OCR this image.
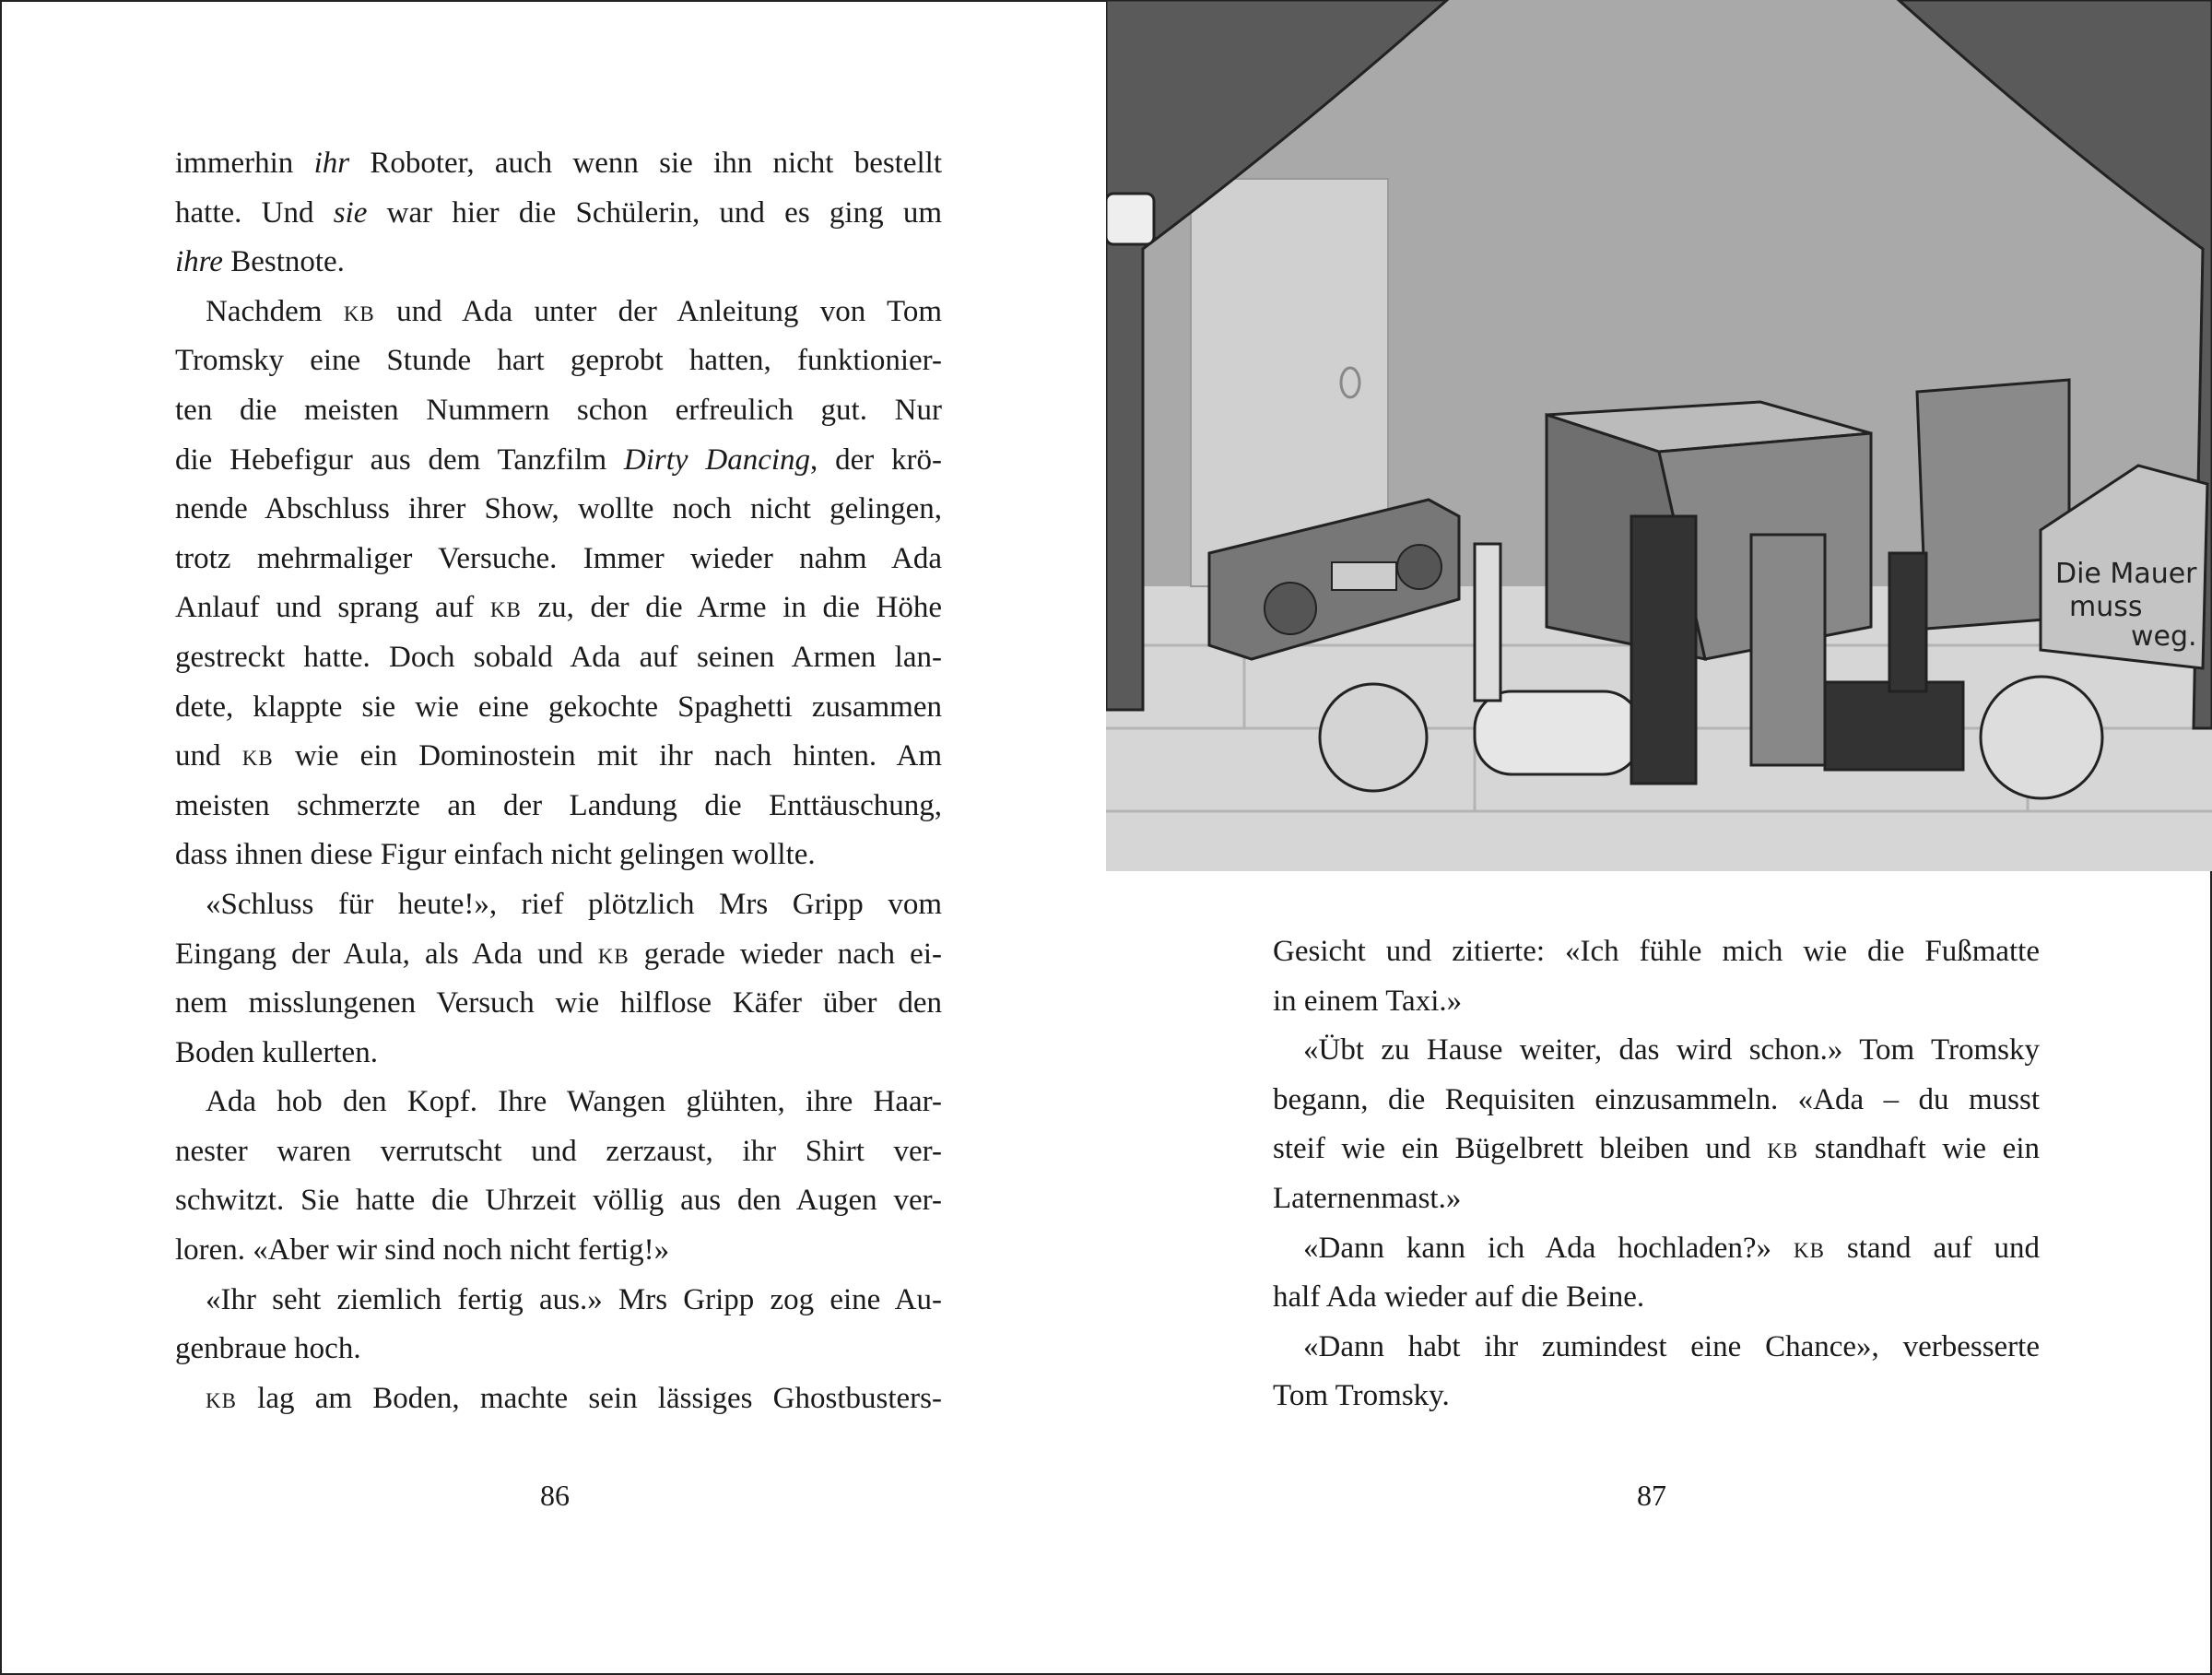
immerhin ihr Roboter, auch wenn sie ihn nicht bestellt
hatte. Und sie war hier die Schülerin, und es ging um
ihre Bestnote.
Nachdem kb und Ada unter der Anleitung von Tom
Tromsky eine Stunde hart geprobt hatten, funktionier-
ten die meisten Nummern schon erfreulich gut. Nur
die Hebefigur aus dem Tanzfilm Dirty Dancing, der krö-
nende Abschluss ihrer Show, wollte noch nicht gelingen,
trotz mehrmaliger Versuche. Immer wieder nahm Ada
Anlauf und sprang auf kb zu, der die Arme in die Höhe
gestreckt hatte. Doch sobald Ada auf seinen Armen lan-
dete, klappte sie wie eine gekochte Spaghetti zusammen
und kb wie ein Dominostein mit ihr nach hinten. Am
meisten schmerzte an der Landung die Enttäuschung,
dass ihnen diese Figur einfach nicht gelingen wollte.
«Schluss für heute!», rief plötzlich Mrs Gripp vom
Eingang der Aula, als Ada und kb gerade wieder nach ei-
nem misslungenen Versuch wie hilflose Käfer über den
Boden kullerten.
Ada hob den Kopf. Ihre Wangen glühten, ihre Haar-
nester waren verrutscht und zerzaust, ihr Shirt ver-
schwitzt. Sie hatte die Uhrzeit völlig aus den Augen ver-
loren. «Aber wir sind noch nicht fertig!»
«Ihr seht ziemlich fertig aus.» Mrs Gripp zog eine Au-
genbraue hoch.
kb lag am Boden, machte sein lässiges Ghostbusters-
86
Die Mauer
muss
weg.
Gesicht und zitierte: «Ich fühle mich wie die Fußmatte
in einem Taxi.»
«Übt zu Hause weiter, das wird schon.» Tom Tromsky
begann, die Requisiten einzusammeln. «Ada – du musst
steif wie ein Bügelbrett bleiben und kb standhaft wie ein
Laternenmast.»
«Dann kann ich Ada hochladen?» kb stand auf und
half Ada wieder auf die Beine.
«Dann habt ihr zumindest eine Chance», verbesserte
Tom Tromsky.
87
